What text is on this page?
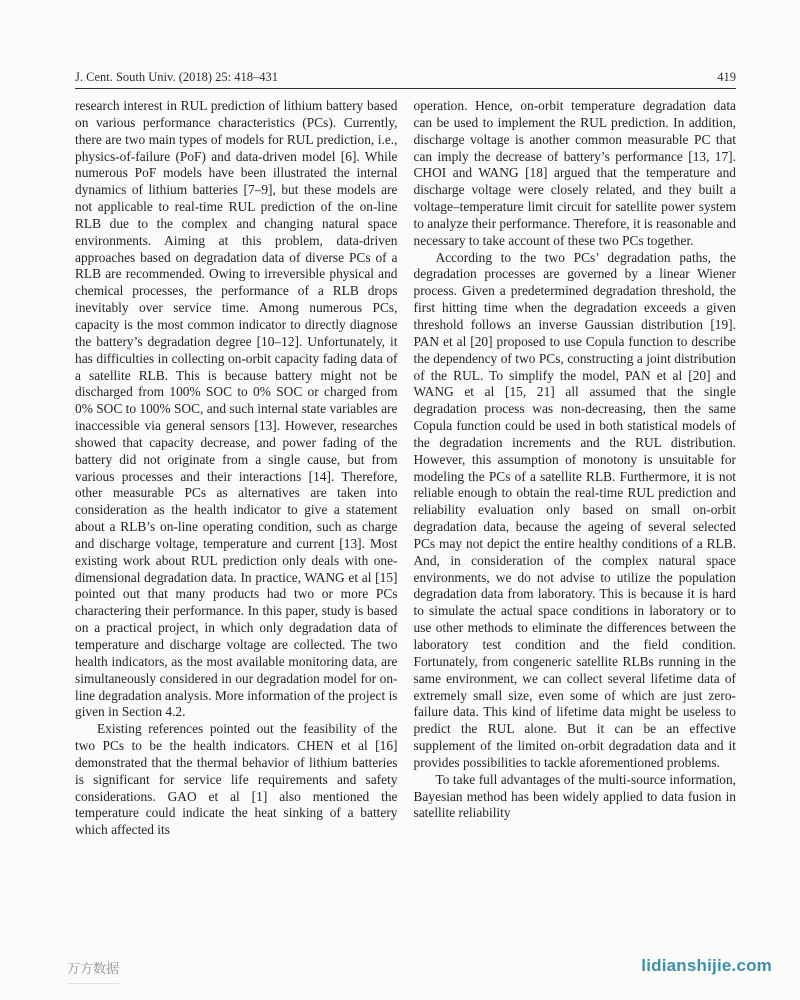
J. Cent. South Univ. (2018) 25: 418–431	419

research interest in RUL prediction of lithium battery based on various performance characteristics (PCs). Currently, there are two main types of models for RUL prediction, i.e., physics-of-failure (PoF) and data-driven model [6]. While numerous PoF models have been illustrated the internal dynamics of lithium batteries [7–9], but these models are not applicable to real-time RUL prediction of the on-line RLB due to the complex and changing natural space environments. Aiming at this problem, data-driven approaches based on degradation data of diverse PCs of a RLB are recommended. Owing to irreversible physical and chemical processes, the performance of a RLB drops inevitably over service time. Among numerous PCs, capacity is the most common indicator to directly diagnose the battery’s degradation degree [10–12]. Unfortunately, it has difficulties in collecting on-orbit capacity fading data of a satellite RLB. This is because battery might not be discharged from 100% SOC to 0% SOC or charged from 0% SOC to 100% SOC, and such internal state variables are inaccessible via general sensors [13]. However, researches showed that capacity decrease, and power fading of the battery did not originate from a single cause, but from various processes and their interactions [14]. Therefore, other measurable PCs as alternatives are taken into consideration as the health indicator to give a statement about a RLB’s on-line operating condition, such as charge and discharge voltage, temperature and current [13]. Most existing work about RUL prediction only deals with one-dimensional degradation data. In practice, WANG et al [15] pointed out that many products had two or more PCs charactering their performance. In this paper, study is based on a practical project, in which only degradation data of temperature and discharge voltage are collected. The two health indicators, as the most available monitoring data, are simultaneously considered in our degradation model for on-line degradation analysis. More information of the project is given in Section 4.2.

Existing references pointed out the feasibility of the two PCs to be the health indicators. CHEN et al [16] demonstrated that the thermal behavior of lithium batteries is significant for service life requirements and safety considerations. GAO et al [1] also mentioned the temperature could indicate the heat sinking of a battery which affected its

operation. Hence, on-orbit temperature degradation data can be used to implement the RUL prediction. In addition, discharge voltage is another common measurable PC that can imply the decrease of battery’s performance [13, 17]. CHOI and WANG [18] argued that the temperature and discharge voltage were closely related, and they built a voltage–temperature limit circuit for satellite power system to analyze their performance. Therefore, it is reasonable and necessary to take account of these two PCs together.

According to the two PCs’ degradation paths, the degradation processes are governed by a linear Wiener process. Given a predetermined degradation threshold, the first hitting time when the degradation exceeds a given threshold follows an inverse Gaussian distribution [19]. PAN et al [20] proposed to use Copula function to describe the dependency of two PCs, constructing a joint distribution of the RUL. To simplify the model, PAN et al [20] and WANG et al [15, 21] all assumed that the single degradation process was non-decreasing, then the same Copula function could be used in both statistical models of the degradation increments and the RUL distribution. However, this assumption of monotony is unsuitable for modeling the PCs of a satellite RLB. Furthermore, it is not reliable enough to obtain the real-time RUL prediction and reliability evaluation only based on small on-orbit degradation data, because the ageing of several selected PCs may not depict the entire healthy conditions of a RLB. And, in consideration of the complex natural space environments, we do not advise to utilize the population degradation data from laboratory. This is because it is hard to simulate the actual space conditions in laboratory or to use other methods to eliminate the differences between the laboratory test condition and the field condition. Fortunately, from congeneric satellite RLBs running in the same environment, we can collect several lifetime data of extremely small size, even some of which are just zero-failure data. This kind of lifetime data might be useless to predict the RUL alone. But it can be an effective supplement of the limited on-orbit degradation data and it provides possibilities to tackle aforementioned problems.

To take full advantages of the multi-source information, Bayesian method has been widely applied to data fusion in satellite reliability

万方数据	lidianshijie.com
